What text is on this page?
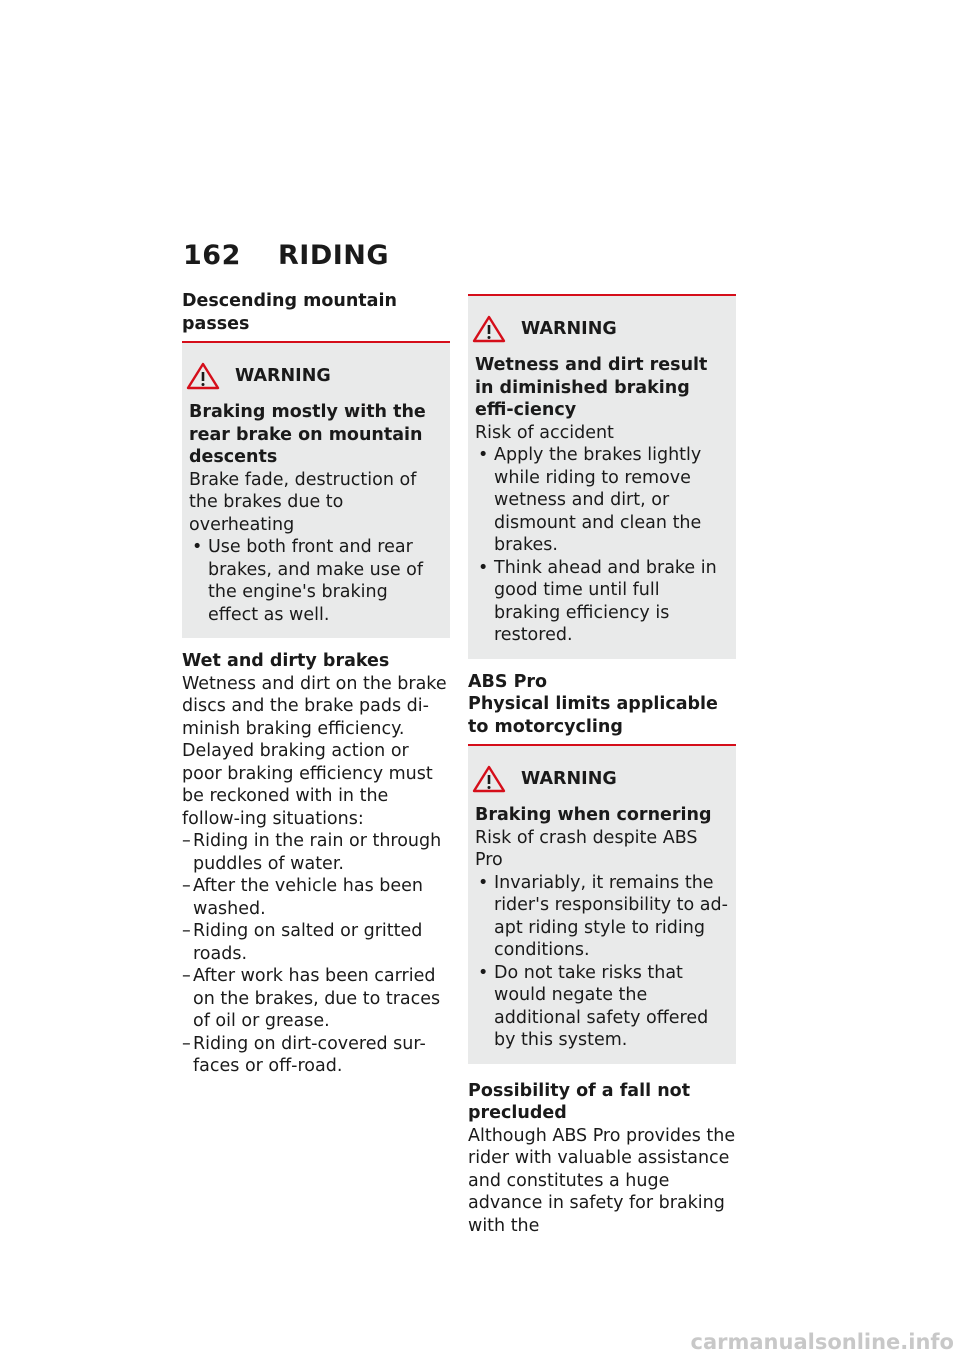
162 RIDING
Descending mountain passes
WARNING
Braking mostly with the rear brake on mountain descents
Brake fade, destruction of the brakes due to overheating
• Use both front and rear brakes, and make use of the engine's braking effect as well.
Wet and dirty brakes
Wetness and dirt on the brake discs and the brake pads di-minish braking efficiency. Delayed braking action or poor braking efficiency must be reckoned with in the follow-ing situations:
– Riding in the rain or through puddles of water.
– After the vehicle has been washed.
– Riding on salted or gritted roads.
– After work has been carried on the brakes, due to traces of oil or grease.
– Riding on dirt-covered sur-faces or off-road.
WARNING
Wetness and dirt result in diminished braking effi-ciency
Risk of accident
• Apply the brakes lightly while riding to remove wetness and dirt, or dismount and clean the brakes.
• Think ahead and brake in good time until full braking efficiency is restored.
ABS Pro
Physical limits applicable to motorcycling
WARNING
Braking when cornering
Risk of crash despite ABS Pro
• Invariably, it remains the rider's responsibility to ad-apt riding style to riding conditions.
• Do not take risks that would negate the additional safety offered by this system.
Possibility of a fall not precluded
Although ABS Pro provides the rider with valuable assistance and constitutes a huge advance in safety for braking with the
carmanualsonline.info
